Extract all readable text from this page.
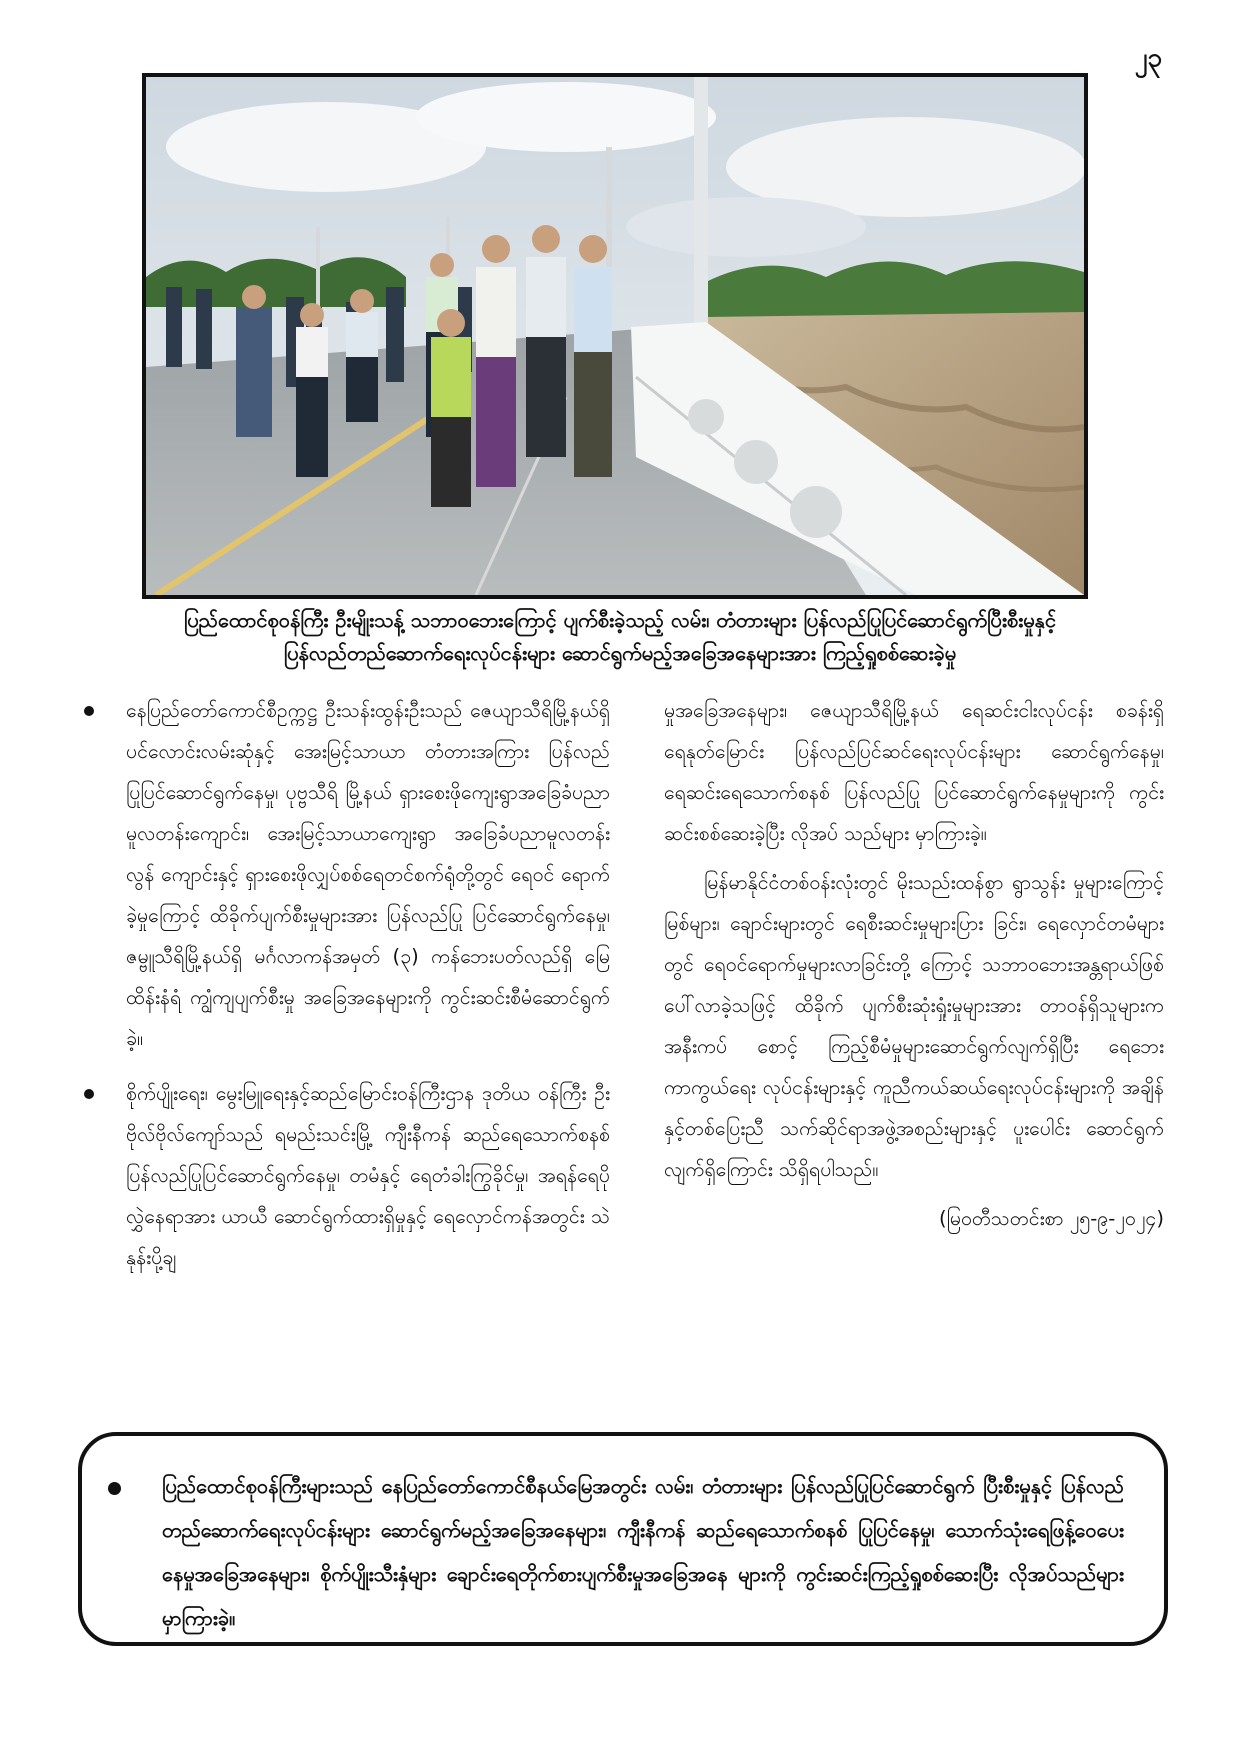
၂၃
ပြည်ထောင်စုဝန်ကြီး ဦးမျိုးသန့် သဘာဝဘေးကြောင့် ပျက်စီးခဲ့သည့် လမ်း၊ တံတားများ ပြန်လည်ပြုပြင်ဆောင်ရွက်ပြီးစီးမှုနှင့်
ပြန်လည်တည်ဆောက်ရေးလုပ်ငန်းများ ဆောင်ရွက်မည့်အခြေအနေများအား ကြည့်ရှုစစ်ဆေးခဲ့မှု

နေပြည်တော်ကောင်စီဥက္ကဋ္ဌ ဦးသန်းထွန်းဦးသည် ဇေယျာသီရိမြို့နယ်ရှိ ပင်လောင်းလမ်းဆုံနှင့် အေးမြင့်သာယာ တံတားအကြား ပြန်လည်ပြုပြင်ဆောင်ရွက်နေမှု၊ ပုဗ္ဗသီရိ မြို့နယ် ရှားစေးဖိုကျေးရွာအခြေခံပညာမူလတန်းကျောင်း၊ အေးမြင့်သာယာကျေးရွာ အခြေခံပညာမူလတန်းလွန် ကျောင်းနှင့် ရှားစေးဖိုလျှပ်စစ်ရေတင်စက်ရုံတို့တွင် ရေဝင် ရောက်ခဲ့မှုကြောင့် ထိခိုက်ပျက်စီးမှုများအား ပြန်လည်ပြု ပြင်ဆောင်ရွက်နေမှု၊ ဇမ္ဗူသီရိမြို့နယ်ရှိ မင်္ဂလာကန်အမှတ် (၃) ကန်ဘေးပတ်လည်ရှိ မြေထိန်းနံရံ ကျွံကျပျက်စီးမှု အခြေအနေများကို ကွင်းဆင်းစီမံဆောင်ရွက်ခဲ့။

စိုက်ပျိုးရေး၊ မွေးမြူရေးနှင့်ဆည်မြောင်းဝန်ကြီးဌာန ဒုတိယ ဝန်ကြီး ဦးဗိုလ်ဗိုလ်ကျော်သည် ရမည်းသင်းမြို့ ကျီးနီကန် ဆည်ရေသောက်စနစ် ပြန်လည်ပြုပြင်ဆောင်ရွက်နေမှု၊ တမံနှင့် ရေတံခါးကြွခိုင်မှု၊ အရန်ရေပိုလွှဲနေရာအား ယာယီ ဆောင်ရွက်ထားရှိမှုနှင့် ရေလှောင်ကန်အတွင်း သဲနုန်းပို့ချ

မှုအခြေအနေများ၊ ဇေယျာသီရိမြို့နယ် ရေဆင်းငါးလုပ်ငန်း စခန်းရှိ ရေနုတ်မြောင်း ပြန်လည်ပြင်ဆင်ရေးလုပ်ငန်းများ ဆောင်ရွက်နေမှု၊ ရေဆင်းရေသောက်စနစ် ပြန်လည်ပြု ပြင်ဆောင်ရွက်နေမှုများကို ကွင်းဆင်းစစ်ဆေးခဲ့ပြီး လိုအပ် သည်များ မှာကြားခဲ့။

မြန်မာနိုင်ငံတစ်ဝန်းလုံးတွင် မိုးသည်းထန်စွာ ရွာသွန်း မှုများကြောင့် မြစ်များ၊ ချောင်းများတွင် ရေစီးဆင်းမှုများပြား ခြင်း၊ ရေလှောင်တမံများတွင် ရေဝင်ရောက်မှုများလာခြင်းတို့ ကြောင့် သဘာဝဘေးအန္တရာယ်ဖြစ်ပေါ်လာခဲ့သဖြင့် ထိခိုက် ပျက်စီးဆုံးရှုံးမှုများအား တာဝန်ရှိသူများက အနီးကပ် စောင့် ကြည့်စီမံမှုများဆောင်ရွက်လျက်ရှိပြီး ရေဘေးကာကွယ်ရေး လုပ်ငန်းများနှင့် ကူညီကယ်ဆယ်ရေးလုပ်ငန်းများကို အချိန် နှင့်တစ်ပြေးညီ သက်ဆိုင်ရာအဖွဲ့အစည်းများနှင့် ပူးပေါင်း ဆောင်ရွက်လျက်ရှိကြောင်း သိရှိရပါသည်။

(မြဝတီသတင်းစာ ၂၅-၉-၂၀၂၄)
ပြည်ထောင်စုဝန်ကြီးများသည် နေပြည်တော်ကောင်စီနယ်မြေအတွင်း လမ်း၊ တံတားများ ပြန်လည်ပြုပြင်ဆောင်ရွက် ပြီးစီးမှုနှင့် ပြန်လည်တည်ဆောက်ရေးလုပ်ငန်းများ ဆောင်ရွက်မည့်အခြေအနေများ၊ ကျီးနီကန် ဆည်ရေသောက်စနစ် ပြုပြင်နေမှု၊ သောက်သုံးရေဖြန့်ဝေပေးနေမှုအခြေအနေများ၊ စိုက်ပျိုးသီးနှံများ ချောင်းရေတိုက်စားပျက်စီးမှုအခြေအနေ များကို ကွင်းဆင်းကြည့်ရှုစစ်ဆေးပြီး လိုအပ်သည်များ မှာကြားခဲ့။
